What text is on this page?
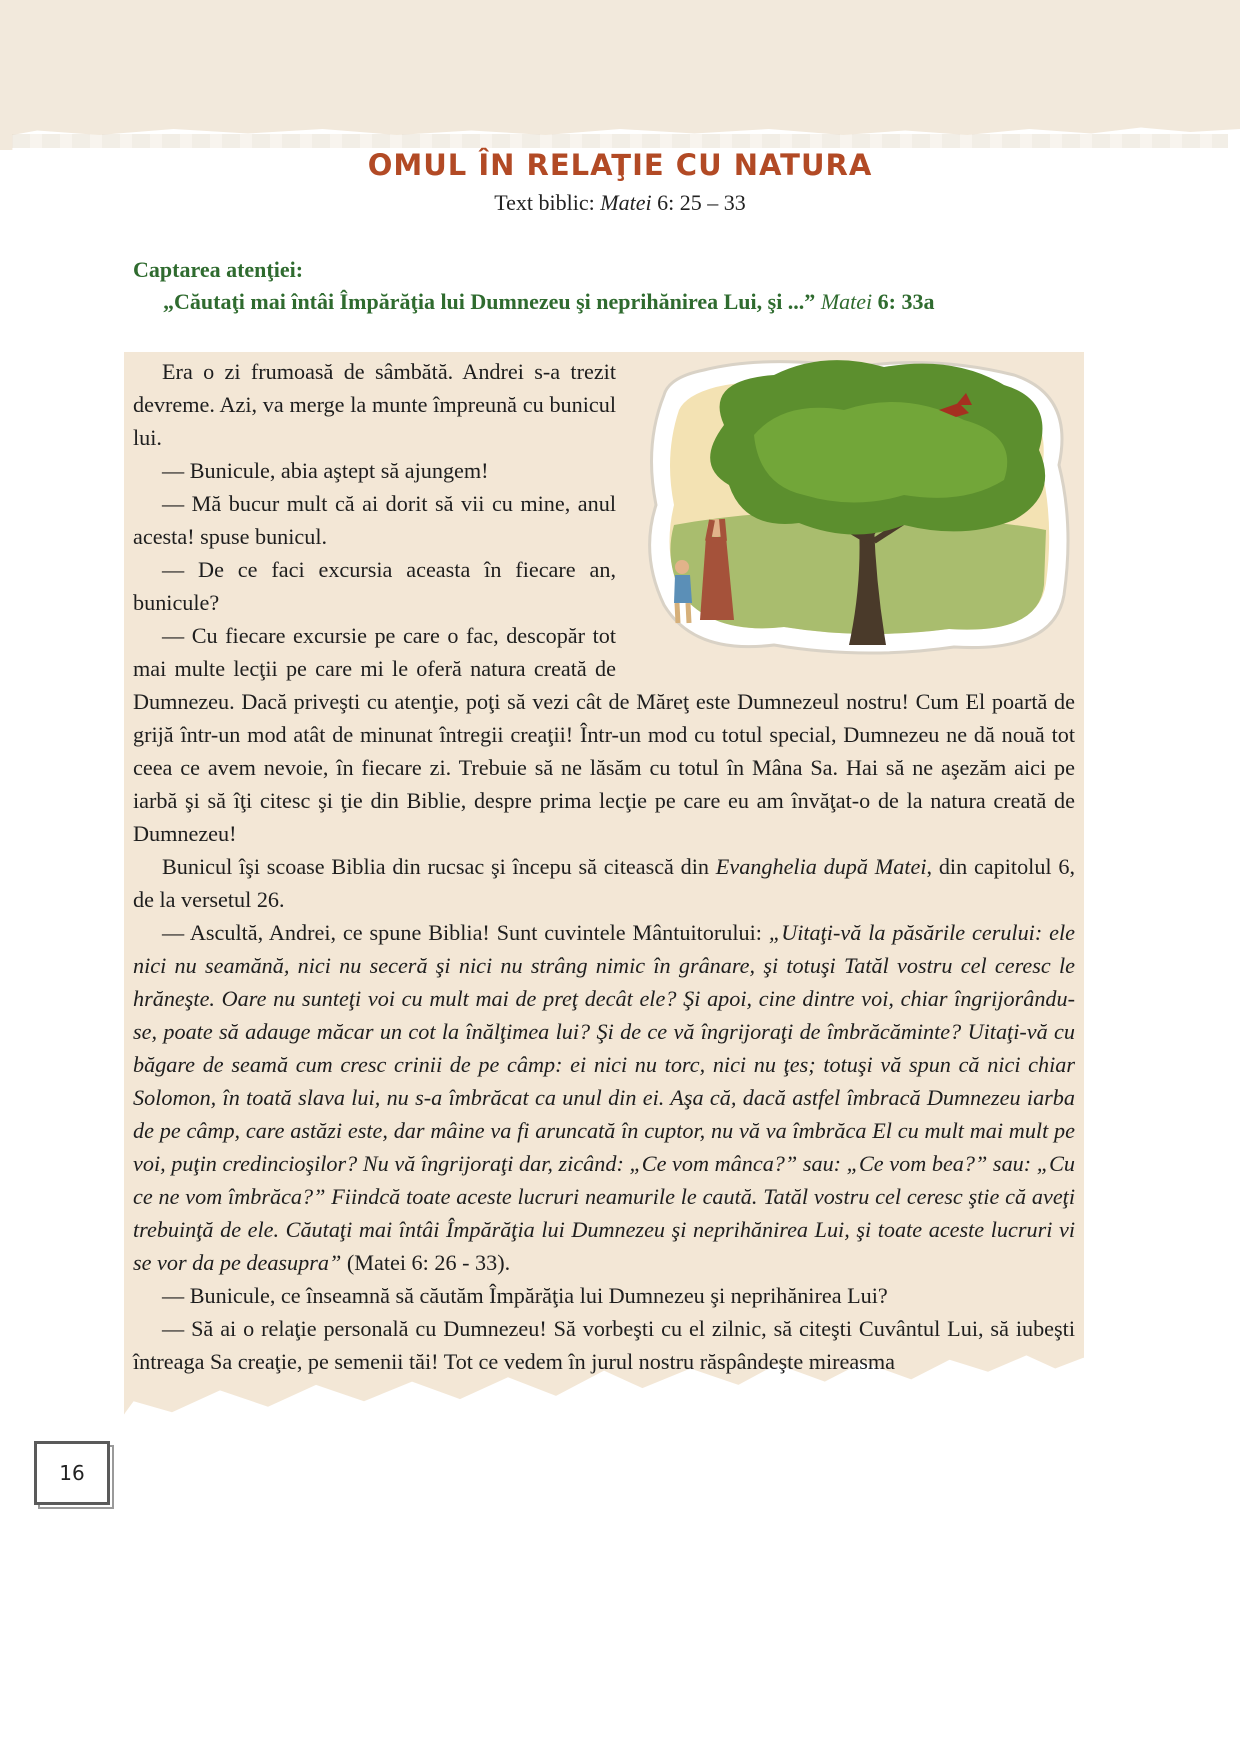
OMUL ÎN RELAŢIE CU NATURA
Text biblic: Matei 6: 25 – 33
Captarea atenţiei:
„Căutaţi mai întâi Împărăţia lui Dumnezeu şi neprihănirea Lui, şi ...” Matei 6: 33a

Era o zi frumoasă de sâmbătă. Andrei s-a trezit devreme. Azi, va merge la munte împreună cu bunicul lui.

— Bunicule, abia aştept să ajungem!

— Mă bucur mult că ai dorit să vii cu mine, anul acesta! spuse bunicul.

— De ce faci excursia aceasta în fiecare an, bunicule?

— Cu fiecare excursie pe care o fac, descopăr tot mai multe lecţii pe care mi le oferă natura creată de Dumnezeu. Dacă priveşti cu atenţie, poţi să vezi cât de Măreţ este Dumnezeul nostru! Cum El poartă de grijă într-un mod atât de minunat întregii creaţii! Într-un mod cu totul special, Dumnezeu ne dă nouă tot ceea ce avem nevoie, în fiecare zi. Trebuie să ne lăsăm cu totul în Mâna Sa. Hai să ne aşezăm aici pe iarbă şi să îţi citesc şi ţie din Biblie, despre prima lecţie pe care eu am învăţat-o de la natura creată de Dumnezeu!

Bunicul îşi scoase Biblia din rucsac şi începu să citească din Evanghelia după Matei, din capitolul 6, de la versetul 26.

— Ascultă, Andrei, ce spune Biblia! Sunt cuvintele Mântuitorului: „Uitaţi-vă la păsările cerului: ele nici nu seamănă, nici nu seceră şi nici nu strâng nimic în grânare, şi totuşi Tatăl vostru cel ceresc le hrăneşte. Oare nu sunteţi voi cu mult mai de preţ decât ele? Şi apoi, cine dintre voi, chiar îngrijorându-se, poate să adauge măcar un cot la înălţimea lui? Şi de ce vă îngrijoraţi de îmbrăcăminte? Uitaţi-vă cu băgare de seamă cum cresc crinii de pe câmp: ei nici nu torc, nici nu ţes; totuşi vă spun că nici chiar Solomon, în toată slava lui, nu s-a îmbrăcat ca unul din ei. Aşa că, dacă astfel îmbracă Dumnezeu iarba de pe câmp, care astăzi este, dar mâine va fi aruncată în cuptor, nu vă va îmbrăca El cu mult mai mult pe voi, puţin credincioşilor? Nu vă îngrijoraţi dar, zicând: „Ce vom mânca?” sau: „Ce vom bea?” sau: „Cu ce ne vom îmbrăca?” Fiindcă toate aceste lucruri neamurile le caută. Tatăl vostru cel ceresc ştie că aveţi trebuinţă de ele. Căutaţi mai întâi Împărăţia lui Dumnezeu şi neprihănirea Lui, şi toate aceste lucruri vi se vor da pe deasupra” (Matei 6: 26 - 33).

— Bunicule, ce înseamnă să căutăm Împărăţia lui Dumnezeu şi neprihănirea Lui?

— Să ai o relaţie personală cu Dumnezeu! Să vorbeşti cu el zilnic, să citeşti Cuvântul Lui, să iubeşti întreaga Sa creaţie, pe semenii tăi! Tot ce vedem în jurul nostru răspândeşte mireasma

16
